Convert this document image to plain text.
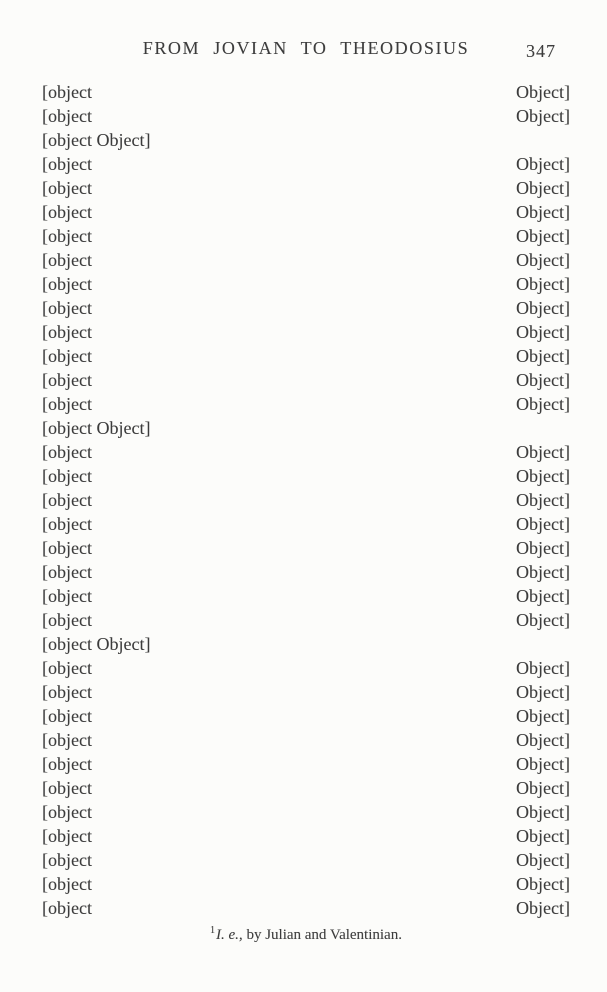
FROM JOVIAN TO THEODOSIUS	347
[object Object]
[object Object]
[object Object]
[object Object]
[object Object]
[object Object]
[object Object]
[object Object]
[object Object]
[object Object]
[object Object]
[object Object]
[object Object]
[object Object]
[object Object]
[object Object]
[object Object]
[object Object]
[object Object]
[object Object]
[object Object]
[object Object]
[object Object]
[object Object]
[object Object]
[object Object]
[object Object]
[object Object]
[object Object]
[object Object]
[object Object]
[object Object]
[object Object]
[object Object]
[object Object]
$^1$I. e., by Julian and Valentinian.
